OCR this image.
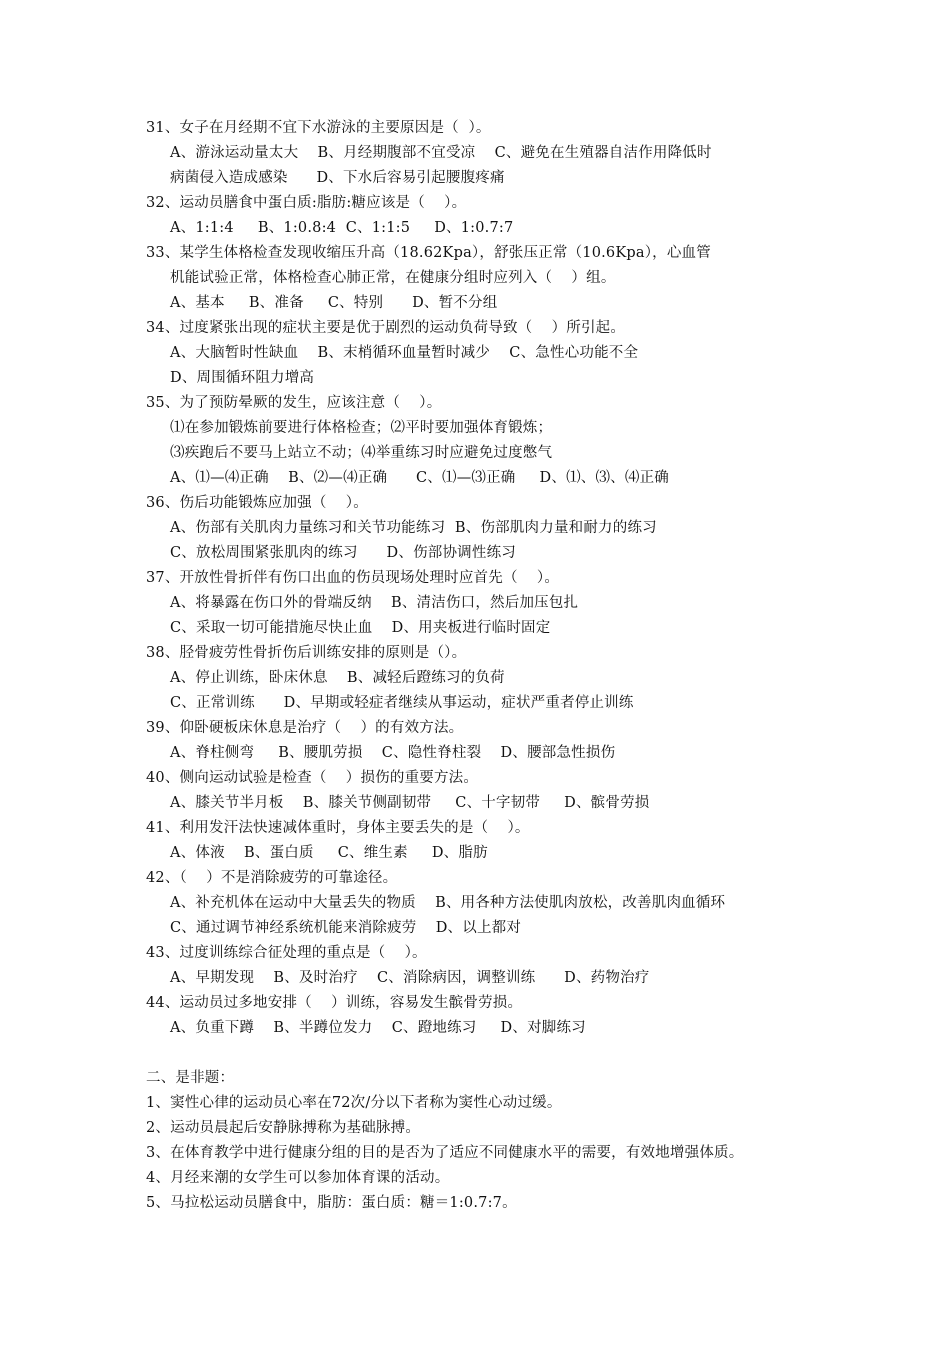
31、女子在月经期不宜下水游泳的主要原因是（  ）。
A、游泳运动量太大    B、月经期腹部不宜受凉    C、避免在生殖器自洁作用降低时
病菌侵入造成感染      D、下水后容易引起腰腹疼痛
32、运动员膳食中蛋白质:脂肪:糖应该是（    ）。
A、1:1:4     B、1:0.8:4  C、1:1:5     D、1:0.7:7
33、某学生体格检查发现收缩压升高（18.62Kpa），舒张压正常（10.6Kpa），心血管
机能试验正常，体格检查心肺正常，在健康分组时应列入（    ）组。
A、基本     B、准备     C、特别      D、暂不分组
34、过度紧张出现的症状主要是优于剧烈的运动负荷导致（    ）所引起。
A、大脑暂时性缺血    B、末梢循环血量暂时减少    C、急性心功能不全
D、周围循环阻力增高
35、为了预防晕厥的发生，应该注意（    ）。
⑴在参加锻炼前要进行体格检查；⑵平时要加强体育锻炼；
⑶疾跑后不要马上站立不动；⑷举重练习时应避免过度憋气
A、⑴—⑷正确    B、⑵—⑷正确      C、⑴—⑶正确     D、⑴、⑶、⑷正确
36、伤后功能锻炼应加强（    ）。
A、伤部有关肌肉力量练习和关节功能练习  B、伤部肌肉力量和耐力的练习
C、放松周围紧张肌肉的练习      D、伤部协调性练习
37、开放性骨折伴有伤口出血的伤员现场处理时应首先（    ）。
A、将暴露在伤口外的骨端反纳    B、清洁伤口，然后加压包扎
C、采取一切可能措施尽快止血    D、用夹板进行临时固定
38、胫骨疲劳性骨折伤后训练安排的原则是（）。
A、停止训练，卧床休息    B、减轻后蹬练习的负荷
C、正常训练      D、早期或轻症者继续从事运动，症状严重者停止训练
39、仰卧硬板床休息是治疗（    ）的有效方法。
A、脊柱侧弯     B、腰肌劳损    C、隐性脊柱裂    D、腰部急性损伤
40、侧向运动试验是检查（    ）损伤的重要方法。
A、膝关节半月板    B、膝关节侧副韧带     C、十字韧带     D、髌骨劳损
41、利用发汗法快速减体重时，身体主要丢失的是（    ）。
A、体液    B、蛋白质     C、维生素     D、脂肪
42、（    ）不是消除疲劳的可靠途径。
A、补充机体在运动中大量丢失的物质    B、用各种方法使肌肉放松，改善肌肉血循环
C、通过调节神经系统机能来消除疲劳    D、以上都对
43、过度训练综合征处理的重点是（    ）。
A、早期发现    B、及时治疗    C、消除病因，调整训练      D、药物治疗
44、运动员过多地安排（    ）训练，容易发生髌骨劳损。
A、负重下蹲    B、半蹲位发力    C、蹬地练习     D、对脚练习
二、是非题：
1、窦性心律的运动员心率在72次/分以下者称为窦性心动过缓。
2、运动员晨起后安静脉搏称为基础脉搏。
3、在体育教学中进行健康分组的目的是否为了适应不同健康水平的需要，有效地增强体质。
4、月经来潮的女学生可以参加体育课的活动。
5、马拉松运动员膳食中，脂肪：蛋白质：糖＝1:0.7:7。
